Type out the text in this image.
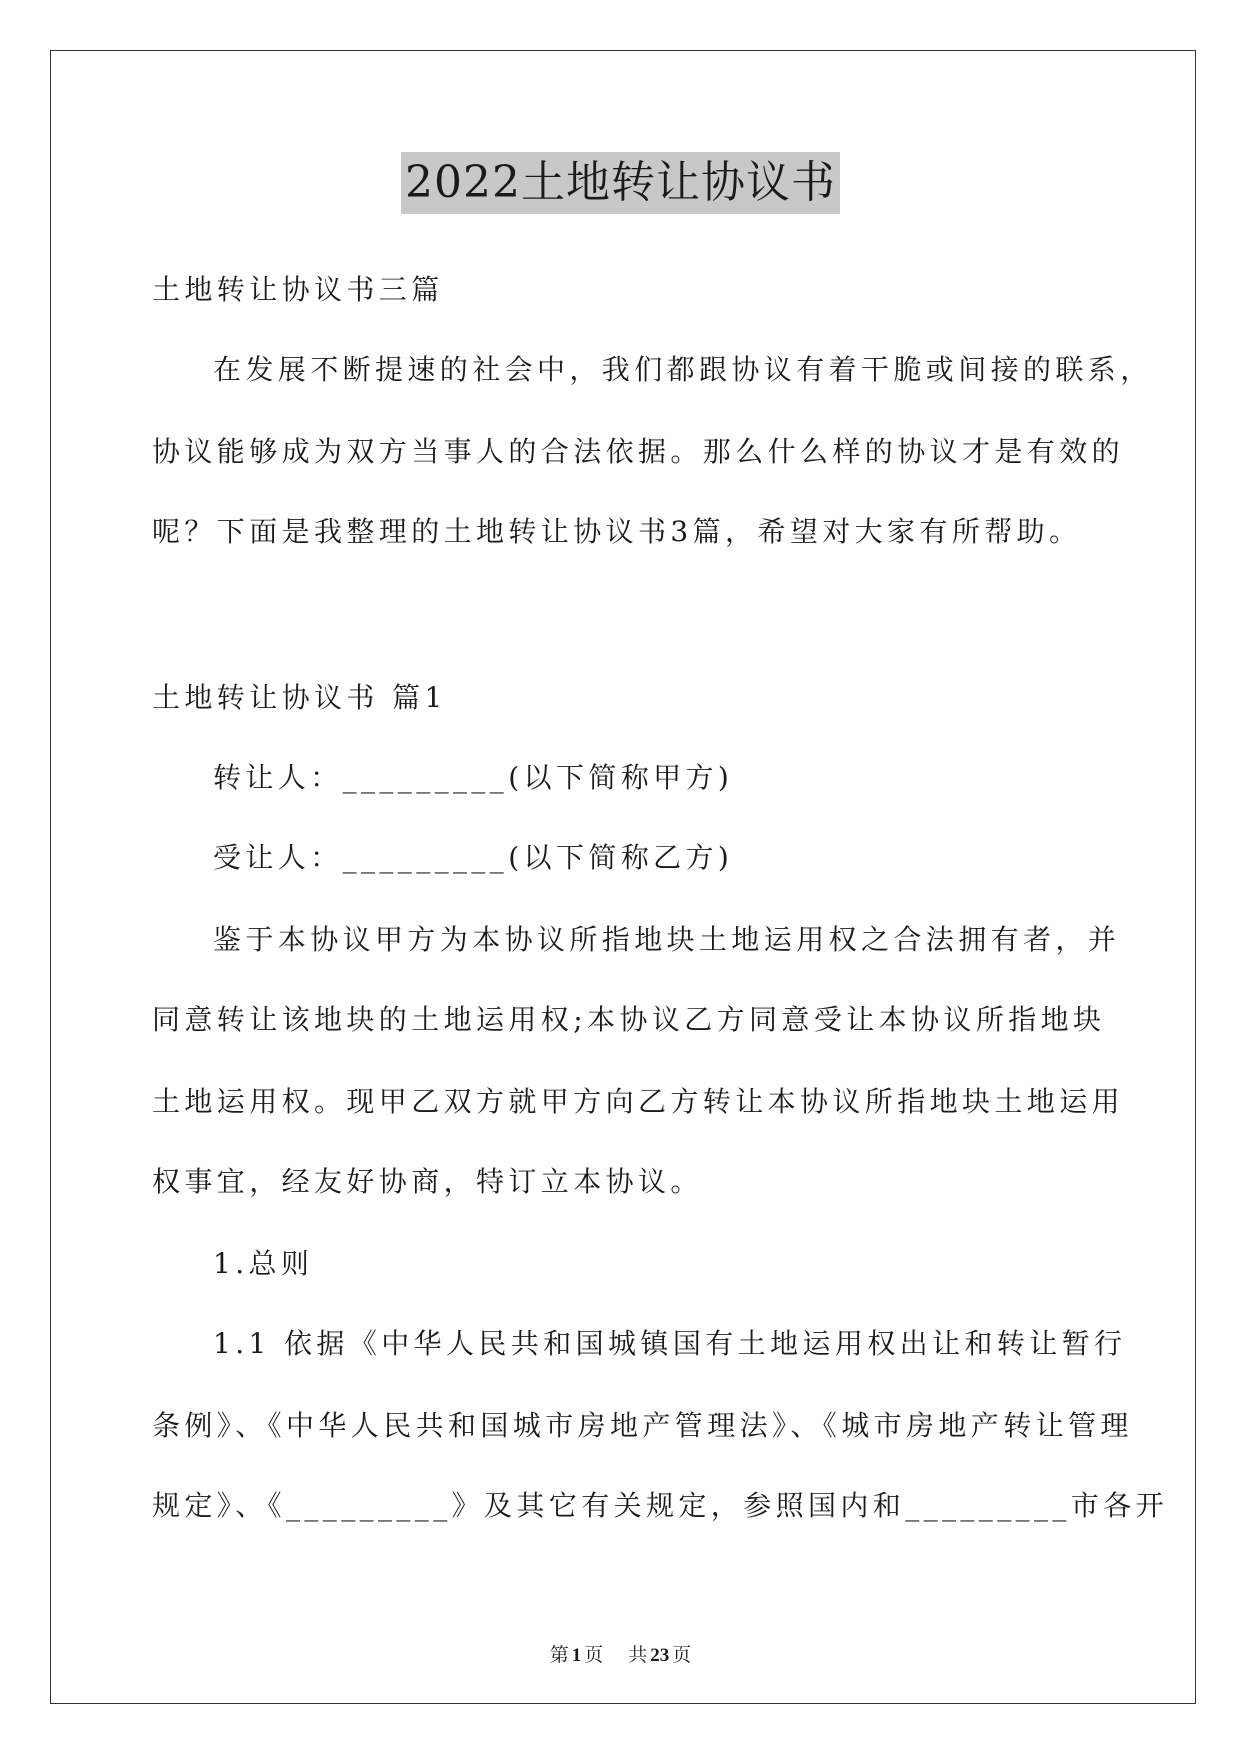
2022土地转让协议书
土地转让协议书三篇
在发展不断提速的社会中，我们都跟协议有着干脆或间接的联系，
协议能够成为双方当事人的合法依据。那么什么样的协议才是有效的
呢？下面是我整理的土地转让协议书3篇，希望对大家有所帮助。
土地转让协议书 篇1
转让人：_________(以下简称甲方)
受让人：_________(以下简称乙方)
鉴于本协议甲方为本协议所指地块土地运用权之合法拥有者，并
同意转让该地块的土地运用权;本协议乙方同意受让本协议所指地块
土地运用权。现甲乙双方就甲方向乙方转让本协议所指地块土地运用
权事宜，经友好协商，特订立本协议。
1.总则
1.1 依据《中华人民共和国城镇国有土地运用权出让和转让暂行
条例》、《中华人民共和国城市房地产管理法》、《城市房地产转让管理
规定》、《_________》及其它有关规定，参照国内和_________市各开
第 1 页 共 23 页
